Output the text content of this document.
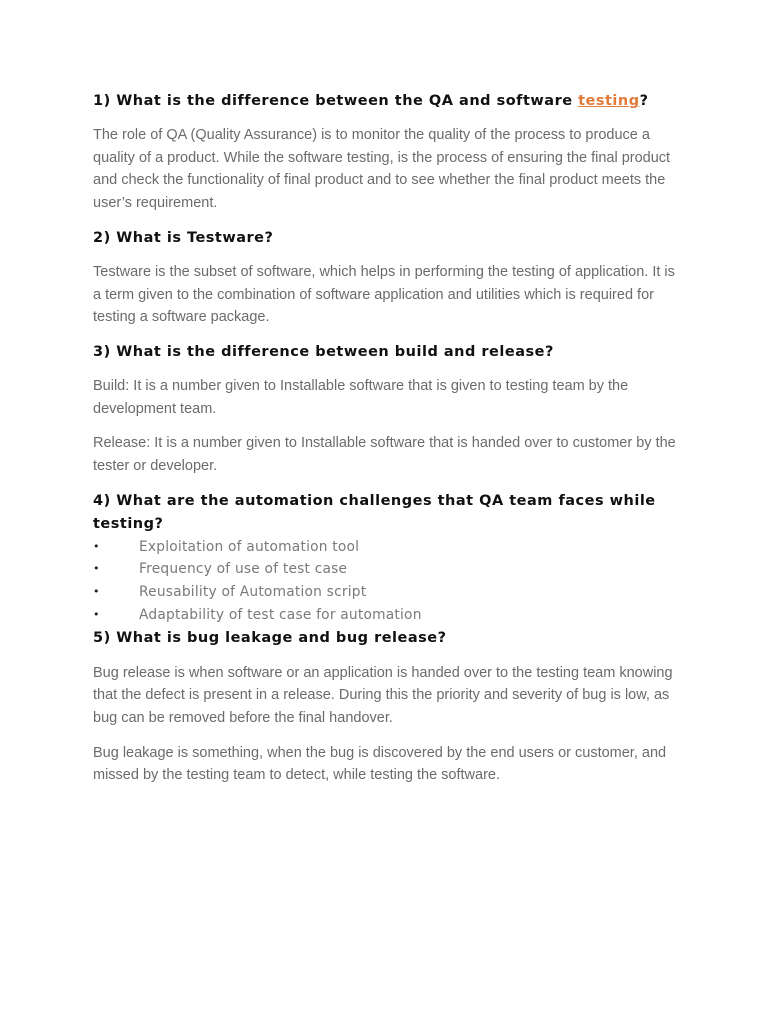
1) What is the difference between the QA and software testing?

The role of QA (Quality Assurance) is to monitor the quality of the process to produce a quality of a product. While the software testing, is the process of ensuring the final product and check the functionality of final product and to see whether the final product meets the user’s requirement.

2) What is Testware?

Testware is the subset of software, which helps in performing the testing of application. It is a term given to the combination of software application and utilities which is required for testing a software package.

3) What is the difference between build and release?

Build: It is a number given to Installable software that is given to testing team by the development team.

Release: It is a number given to Installable software that is handed over to customer by the tester or developer.

4) What are the automation challenges that QA team faces while testing?
•	Exploitation of automation tool
•	Frequency of use of test case
•	Reusability of Automation script
•	Adaptability of test case for automation
5) What is bug leakage and bug release?

Bug release is when software or an application is handed over to the testing team knowing that the defect is present in a release. During this the priority and severity of bug is low, as bug can be removed before the final handover.

Bug leakage is something, when the bug is discovered by the end users or customer, and missed by the testing team to detect, while testing the software.
